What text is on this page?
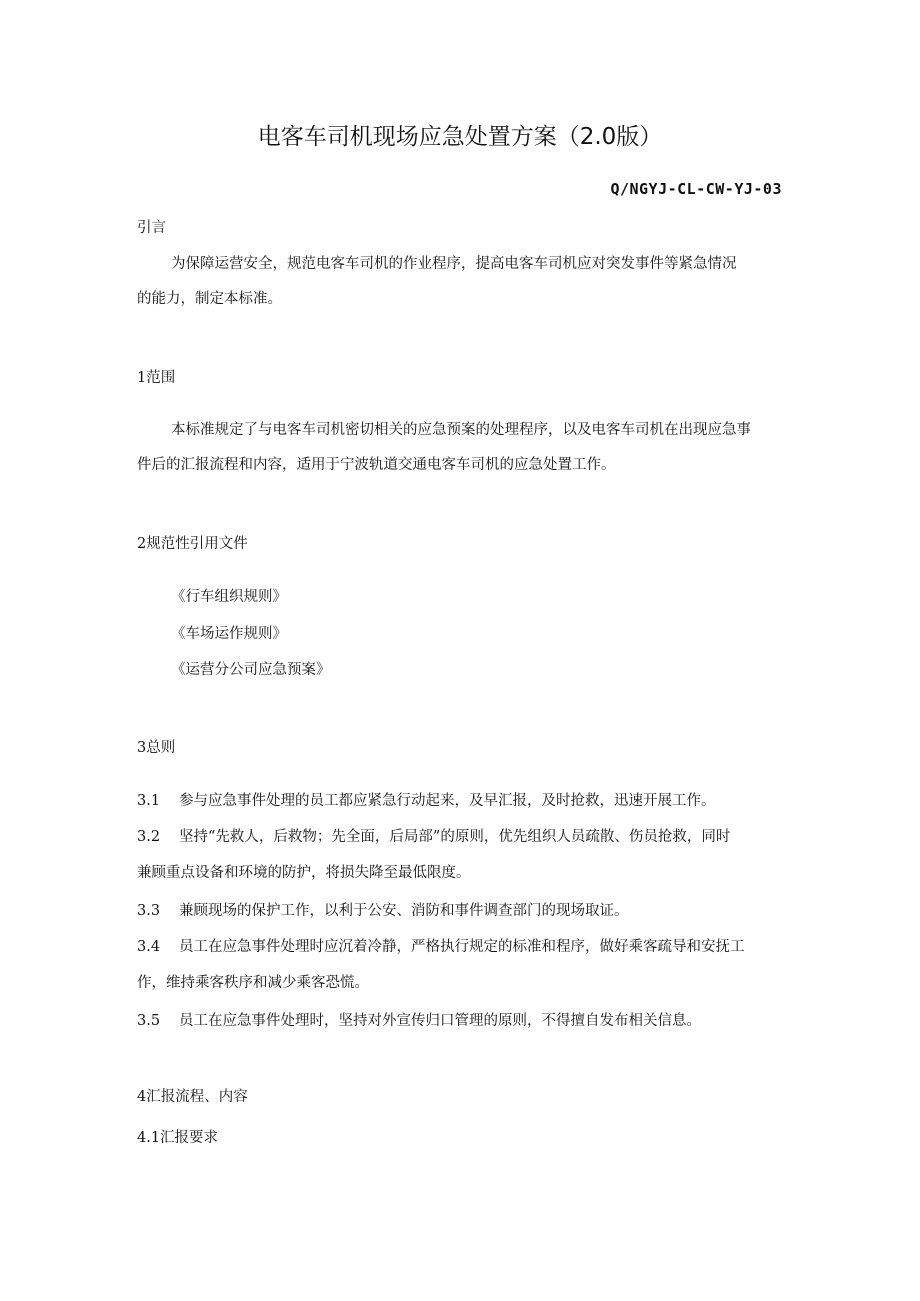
电客车司机现场应急处置方案（2.0版）
Q/NGYJ-CL-CW-YJ-03
引言
为保障运营安全，规范电客车司机的作业程序，提高电客车司机应对突发事件等紧急情况
的能力，制定本标准。
1范围
本标准规定了与电客车司机密切相关的应急预案的处理程序，以及电客车司机在出现应急事
件后的汇报流程和内容，适用于宁波轨道交通电客车司机的应急处置工作。
2规范性引用文件
《行车组织规则》
《车场运作规则》
《运营分公司应急预案》
3总则
3.1 参与应急事件处理的员工都应紧急行动起来，及早汇报，及时抢救，迅速开展工作。
3.2 坚持“先救人，后救物；先全面，后局部”的原则，优先组织人员疏散、伤员抢救，同时
兼顾重点设备和环境的防护，将损失降至最低限度。
3.3 兼顾现场的保护工作，以利于公安、消防和事件调查部门的现场取证。
3.4 员工在应急事件处理时应沉着冷静，严格执行规定的标准和程序，做好乘客疏导和安抚工
作，维持乘客秩序和减少乘客恐慌。
3.5 员工在应急事件处理时，坚持对外宣传归口管理的原则，不得擅自发布相关信息。
4汇报流程、内容
4.1汇报要求
